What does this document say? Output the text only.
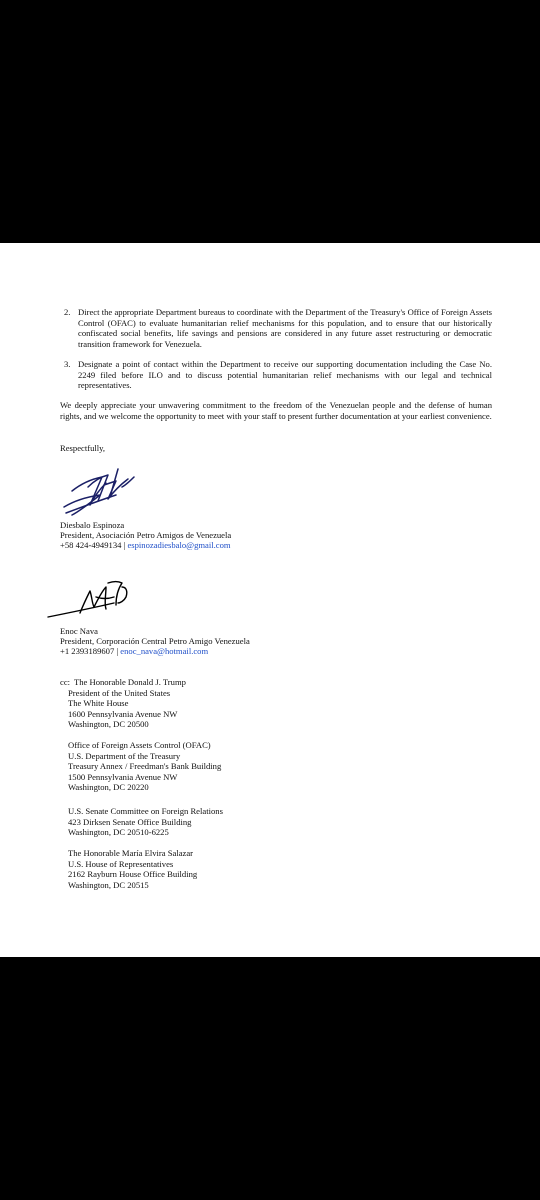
2. Direct the appropriate Department bureaus to coordinate with the Department of the Treasury's Office of Foreign Assets Control (OFAC) to evaluate humanitarian relief mechanisms for this population, and to ensure that our historically confiscated social benefits, life savings and pensions are considered in any future asset restructuring or democratic transition framework for Venezuela.
3. Designate a point of contact within the Department to receive our supporting documentation including the Case No. 2249 filed before ILO and to discuss potential humanitarian relief mechanisms with our legal and technical representatives.
We deeply appreciate your unwavering commitment to the freedom of the Venezuelan people and the defense of human rights, and we welcome the opportunity to meet with your staff to present further documentation at your earliest convenience.
Respectfully,
Diesbalo Espinoza
President, Asociación Petro Amigos de Venezuela
+58 424-4949134 | espinozadiesbalo@gmail.com
Enoc Nava
President, Corporación Central Petro Amigo Venezuela
+1 2393189607 | enoc_nava@hotmail.com
cc: The Honorable Donald J. Trump
President of the United States
The White House
1600 Pennsylvania Avenue NW
Washington, DC 20500
Office of Foreign Assets Control (OFAC)
U.S. Department of the Treasury
Treasury Annex / Freedman's Bank Building
1500 Pennsylvania Avenue NW
Washington, DC 20220
U.S. Senate Committee on Foreign Relations
423 Dirksen Senate Office Building
Washington, DC 20510-6225
The Honorable María Elvira Salazar
U.S. House of Representatives
2162 Rayburn House Office Building
Washington, DC 20515
